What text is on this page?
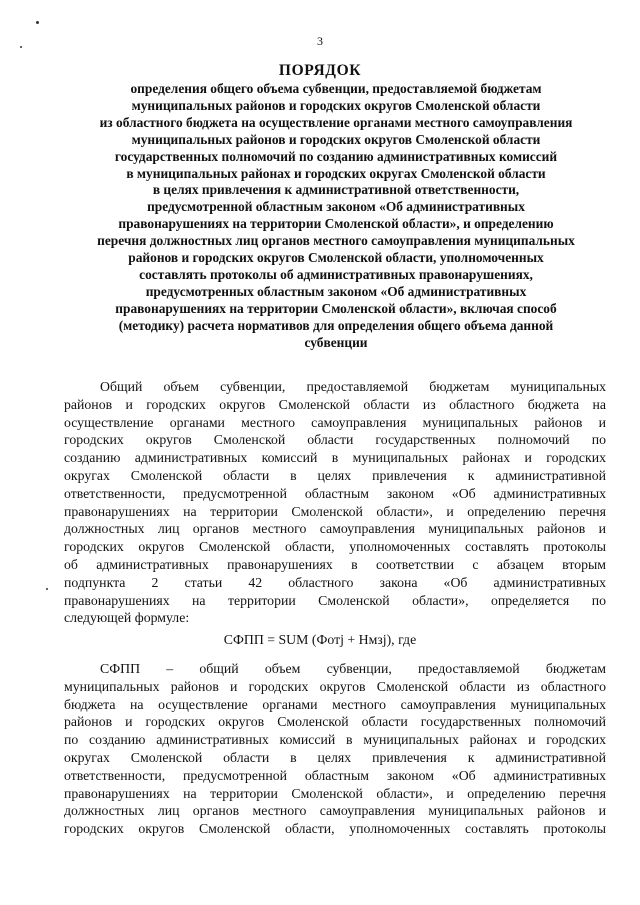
3
ПОРЯДОК
определения общего объема субвенции, предоставляемой бюджетам
муниципальных районов и городских округов Смоленской области
из областного бюджета на осуществление органами местного самоуправления
муниципальных районов и городских округов Смоленской области
государственных полномочий по созданию административных комиссий
в муниципальных районах и городских округах Смоленской области
в целях привлечения к административной ответственности,
предусмотренной областным законом «Об административных
правонарушениях на территории Смоленской области», и определению
перечня должностных лиц органов местного самоуправления муниципальных
районов и городских округов Смоленской области, уполномоченных
составлять протоколы об административных правонарушениях,
предусмотренных областным законом «Об административных
правонарушениях на территории Смоленской области», включая способ
(методику) расчета нормативов для определения общего объема данной
субвенции
Общий объем субвенции, предоставляемой бюджетам муниципальных
районов и городских округов Смоленской области из областного бюджета на
осуществление органами местного самоуправления муниципальных районов и
городских округов Смоленской области государственных полномочий по
созданию административных комиссий в муниципальных районах и городских
округах Смоленской области в целях привлечения к административной
ответственности, предусмотренной областным законом «Об административных
правонарушениях на территории Смоленской области», и определению перечня
должностных лиц органов местного самоуправления муниципальных районов и
городских округов Смоленской области, уполномоченных составлять протоколы
об административных правонарушениях в соответствии с абзацем вторым
подпункта 2 статьи 42 областного закона «Об административных
правонарушениях на территории Смоленской области», определяется по
следующей формуле:
СФПП = SUM (Фотj + Нмзj), где
СФПП – общий объем субвенции, предоставляемой бюджетам
муниципальных районов и городских округов Смоленской области из областного
бюджета на осуществление органами местного самоуправления муниципальных
районов и городских округов Смоленской области государственных полномочий
по созданию административных комиссий в муниципальных районах и городских
округах Смоленской области в целях привлечения к административной
ответственности, предусмотренной областным законом «Об административных
правонарушениях на территории Смоленской области», и определению перечня
должностных лиц органов местного самоуправления муниципальных районов и
городских округов Смоленской области, уполномоченных составлять протоколы
